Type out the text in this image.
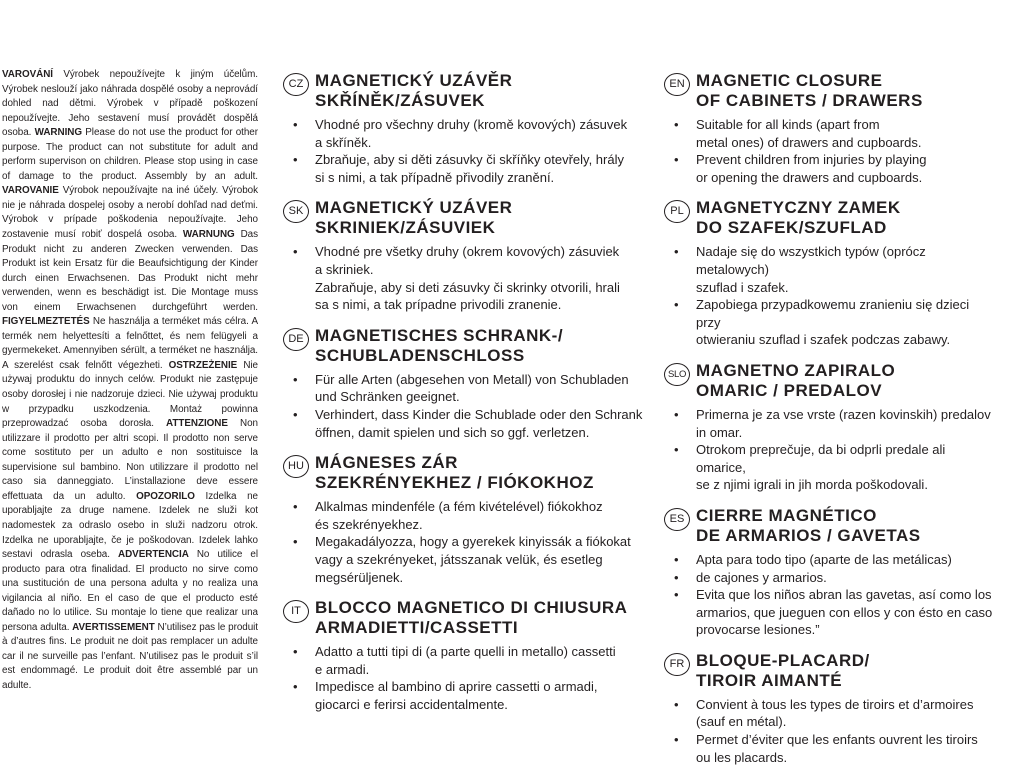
VAROVÁNÍ Výrobek nepoužívejte k jiným účelům. Výrobek neslouží jako náhrada dospělé osoby a neprovádí dohled nad dětmi. Výrobek v případě poškození nepoužívejte. Jeho sestavení musí provádět dospělá osoba. WARNING Please do not use the product for other purpose. The product can not substitute for adult and perform supervison on children. Please stop using in case of damage to the product. Assembly by an adult. VAROVANIE Výrobok nepoužívajte na iné účely. Výrobok nie je náhrada dospelej osoby a nerobí dohľad nad deťmi. Výrobok v prípade poškodenia nepoužívajte. Jeho zostavenie musí robiť dospelá osoba. WARNUNG Das Produkt nicht zu anderen Zwecken verwenden. Das Produkt ist kein Ersatz für die Beaufsichtigung der Kinder durch einen Erwachsenen. Das Produkt nicht mehr verwenden, wenn es beschädigt ist. Die Montage muss von einem Erwachsenen durchgeführt werden. FIGYELMEZTETÉS Ne használja a terméket más célra. A termék nem helyettesíti a felnőttet, és nem felügyeli a gyermekeket. Amennyiben sérült, a terméket ne használja. A szerelést csak felnőtt végezheti. OSTRZEŻENIE Nie używaj produktu do innych celów. Produkt nie zastępuje osoby dorosłej i nie nadzoruje dzieci. Nie używaj produktu w przypadku uszkodzenia. Montaż powinna przeprowadzać osoba dorosła. ATTENZIONE Non utilizzare il prodotto per altri scopi. Il prodotto non serve come sostituto per un adulto e non sostituisce la supervisione sul bambino. Non utilizzare il prodotto nel caso sia danneggiato. L’installazione deve essere effettuata da un adulto. OPOZORILO Izdelka ne uporabljajte za druge namene. Izdelek ne služi kot nadomestek za odraslo osebo in služi nadzoru otrok. Izdelka ne uporabljajte, če je poškodovan. Izdelek lahko sestavi odrasla oseba. ADVERTENCIA No utilice el producto para otra finalidad. El producto no sirve como una sustitución de una persona adulta y no realiza una vigilancia al niño. En el caso de que el producto esté dañado no lo utilice. Su montaje lo tiene que realizar una persona adulta. AVERTISSEMENT N’utilisez pas le produit à d’autres fins. Le produit ne doit pas remplacer un adulte car il ne surveille pas l’enfant. N’utilisez pas le produit s’il est endommagé. Le produit doit être assemblé par un adulte.
CZ MAGNETICKÝ UZÁVĚR
SKŘÍNĚK/ZÁSUVEK
• Vhodné pro všechny druhy (kromě kovových) zásuvek
a skříněk.
• Zbraňuje, aby si děti zásuvky či skříňky otevřely, hrály
si s nimi, a tak případně přivodily zranění.
SK MAGNETICKÝ UZÁVER
SKRINIEK/ZÁSUVIEK
• Vhodné pre všetky druhy (okrem kovových) zásuviek
a skriniek.
Zabraňuje, aby si deti zásuvky či skrinky otvorili, hrali
sa s nimi, a tak prípadne privodili zranenie.
DE MAGNETISCHES SCHRANK-/
SCHUBLADENSCHLOSS
• Für alle Arten (abgesehen von Metall) von Schubladen
und Schränken geeignet.
• Verhindert, dass Kinder die Schublade oder den Schrank
öffnen, damit spielen und sich so ggf. verletzen.
HU MÁGNESES ZÁR
SZEKRÉNYEKHEZ / FIÓKOKHOZ
• Alkalmas mindenféle (a fém kivételével) fiókokhoz
és szekrényekhez.
• Megakadályozza, hogy a gyerekek kinyissák a fiókokat
vagy a szekrényeket, játsszanak velük, és esetleg
megsérüljenek.
IT BLOCCO MAGNETICO DI CHIUSURA
ARMADIETTI/CASSETTI
• Adatto a tutti tipi di (a parte quelli in metallo) cassetti
e armadi.
• Impedisce al bambino di aprire cassetti o armadi,
giocarci e ferirsi accidentalmente.
EN MAGNETIC CLOSURE
OF CABINETS / DRAWERS
• Suitable for all kinds (apart from
metal ones) of drawers and cupboards.
• Prevent children from injuries by playing
or opening the drawers and cupboards.
PL MAGNETYCZNY ZAMEK
DO SZAFEK/SZUFLAD
• Nadaje się do wszystkich typów (oprócz metalowych)
szuflad i szafek.
• Zapobiega przypadkowemu zranieniu się dzieci przy
otwieraniu szuflad i szafek podczas zabawy.
SLO MAGNETNO ZAPIRALO
OMARIC / PREDALOV
• Primerna je za vse vrste (razen kovinskih) predalov
in omar.
• Otrokom preprečuje, da bi odprli predale ali omarice,
se z njimi igrali in jih morda poškodovali.
ES CIERRE MAGNÉTICO
DE ARMARIOS / GAVETAS
• Apta para todo tipo (aparte de las metálicas)
• de cajones y armarios.
• Evita que los niños abran las gavetas, así como los
armarios, que jueguen con ellos y con ésto en caso
provocarse lesiones.”
FR BLOQUE-PLACARD/
TIROIR AIMANTÉ
• Convient à tous les types de tiroirs et d’armoires
(sauf en métal).
• Permet d’éviter que les enfants ouvrent les tiroirs
ou les placards.
